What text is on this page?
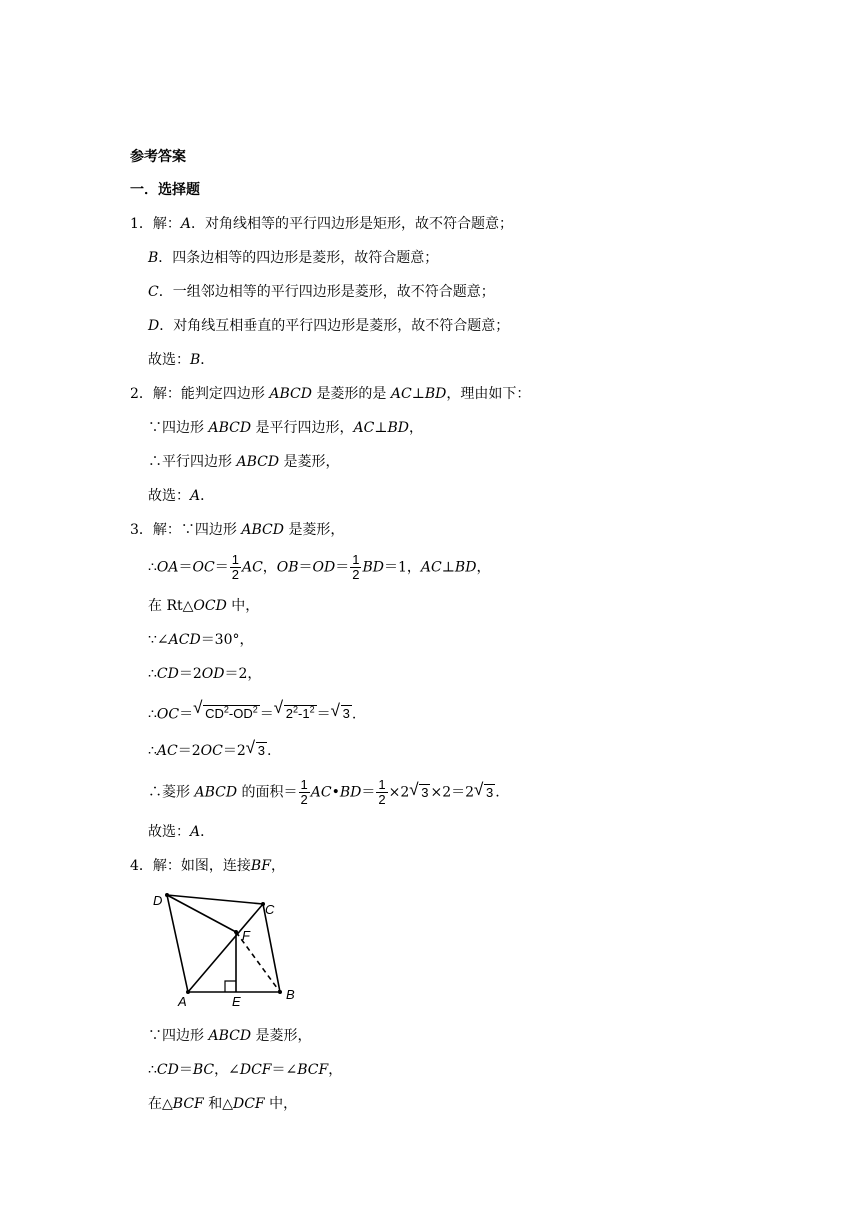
参考答案
一．选择题
1．解：A．对角线相等的平行四边形是矩形，故不符合题意；
B．四条边相等的四边形是菱形，故符合题意；
C．一组邻边相等的平行四边形是菱形，故不符合题意；
D．对角线互相垂直的平行四边形是菱形，故不符合题意；
故选：B．
2．解：能判定四边形 ABCD 是菱形的是 AC⊥BD，理由如下：
∵四边形 ABCD 是平行四边形，AC⊥BD，
∴平行四边形 ABCD 是菱形，
故选：A．
3．解：∵四边形 ABCD 是菱形，
∴OA＝OC＝ $\frac{1}{2}$ AC，$OB=OD= \frac{1}{2} BD=1$，AC⊥BD，
在 Rt△OCD 中，
∵∠ACD＝30°，
∴CD＝2OD＝2，
∴OC＝√ $CD^2-OD^2$ ＝√ $2^2-1^2$ ＝√ 3 .
∴AC＝2OC＝2√ 3 .
∴菱形 ABCD 的面积＝ $\frac{1}{2}$ AC•BD＝ $\frac{1}{2} \times 2√$ 3 ×2＝2√ 3 .
故选：A．
4．解：如图，连接BF，
D
C
F
A	E	B
∵四边形 ABCD 是菱形，
∴CD＝BC，∠DCF＝∠BCF，
在△BCF 和△DCF 中，
